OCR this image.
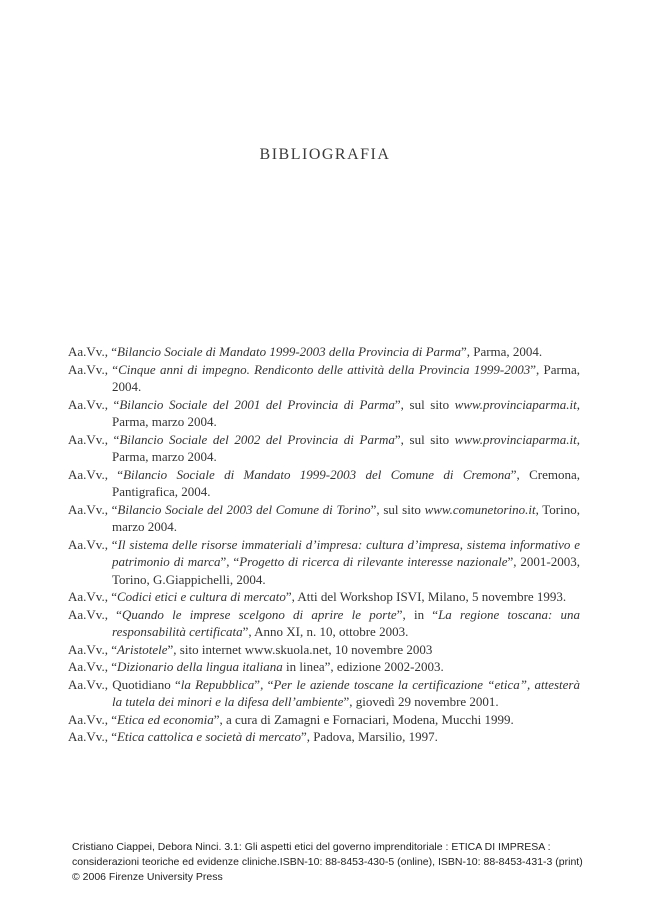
BIBLIOGRAFIA

Aa.Vv., “Bilancio Sociale di Mandato 1999-2003 della Provincia di Parma”, Parma, 2004.

Aa.Vv., “Cinque anni di impegno. Rendiconto delle attività della Provincia 1999-2003”, Parma, 2004.

Aa.Vv., “Bilancio Sociale del 2001 del Provincia di Parma”, sul sito www.provinciaparma.it, Parma, marzo 2004.

Aa.Vv., “Bilancio Sociale del 2002 del Provincia di Parma”, sul sito www.provinciaparma.it, Parma, marzo 2004.

Aa.Vv., “Bilancio Sociale di Mandato 1999-2003 del Comune di Cremona”, Cremona, Pantigrafica, 2004.

Aa.Vv., “Bilancio Sociale del 2003 del Comune di Torino”, sul sito www.comunetorino.it, Torino, marzo 2004.

Aa.Vv., “Il sistema delle risorse immateriali d’impresa: cultura d’impresa, sistema informativo e patrimonio di marca”, “Progetto di ricerca di rilevante interesse nazionale”, 2001-2003, Torino, G.Giappichelli, 2004.

Aa.Vv., “Codici etici e cultura di mercato”, Atti del Workshop ISVI, Milano, 5 novembre 1993.

Aa.Vv., “Quando le imprese scelgono di aprire le porte”, in “La regione toscana: una responsabilità certificata”, Anno XI, n. 10, ottobre 2003.

Aa.Vv., “Aristotele”, sito internet www.skuola.net, 10 novembre 2003

Aa.Vv., “Dizionario della lingua italiana in linea”, edizione 2002-2003.

Aa.Vv., Quotidiano “la Repubblica”, “Per le aziende toscane la certificazione “etica”, attesterà la tutela dei minori e la difesa dell’ambiente”, giovedì 29 novembre 2001.

Aa.Vv., “Etica ed economia”, a cura di Zamagni e Fornaciari, Modena, Mucchi 1999.

Aa.Vv., “Etica cattolica e società di mercato”, Padova, Marsilio, 1997.

Cristiano Ciappei, Debora Ninci. 3.1: Gli aspetti etici del governo imprenditoriale : ETICA DI IMPRESA :
considerazioni teoriche ed evidenze cliniche.ISBN-10: 88-8453-430-5 (online), ISBN-10: 88-8453-431-3 (print)
© 2006 Firenze University Press
